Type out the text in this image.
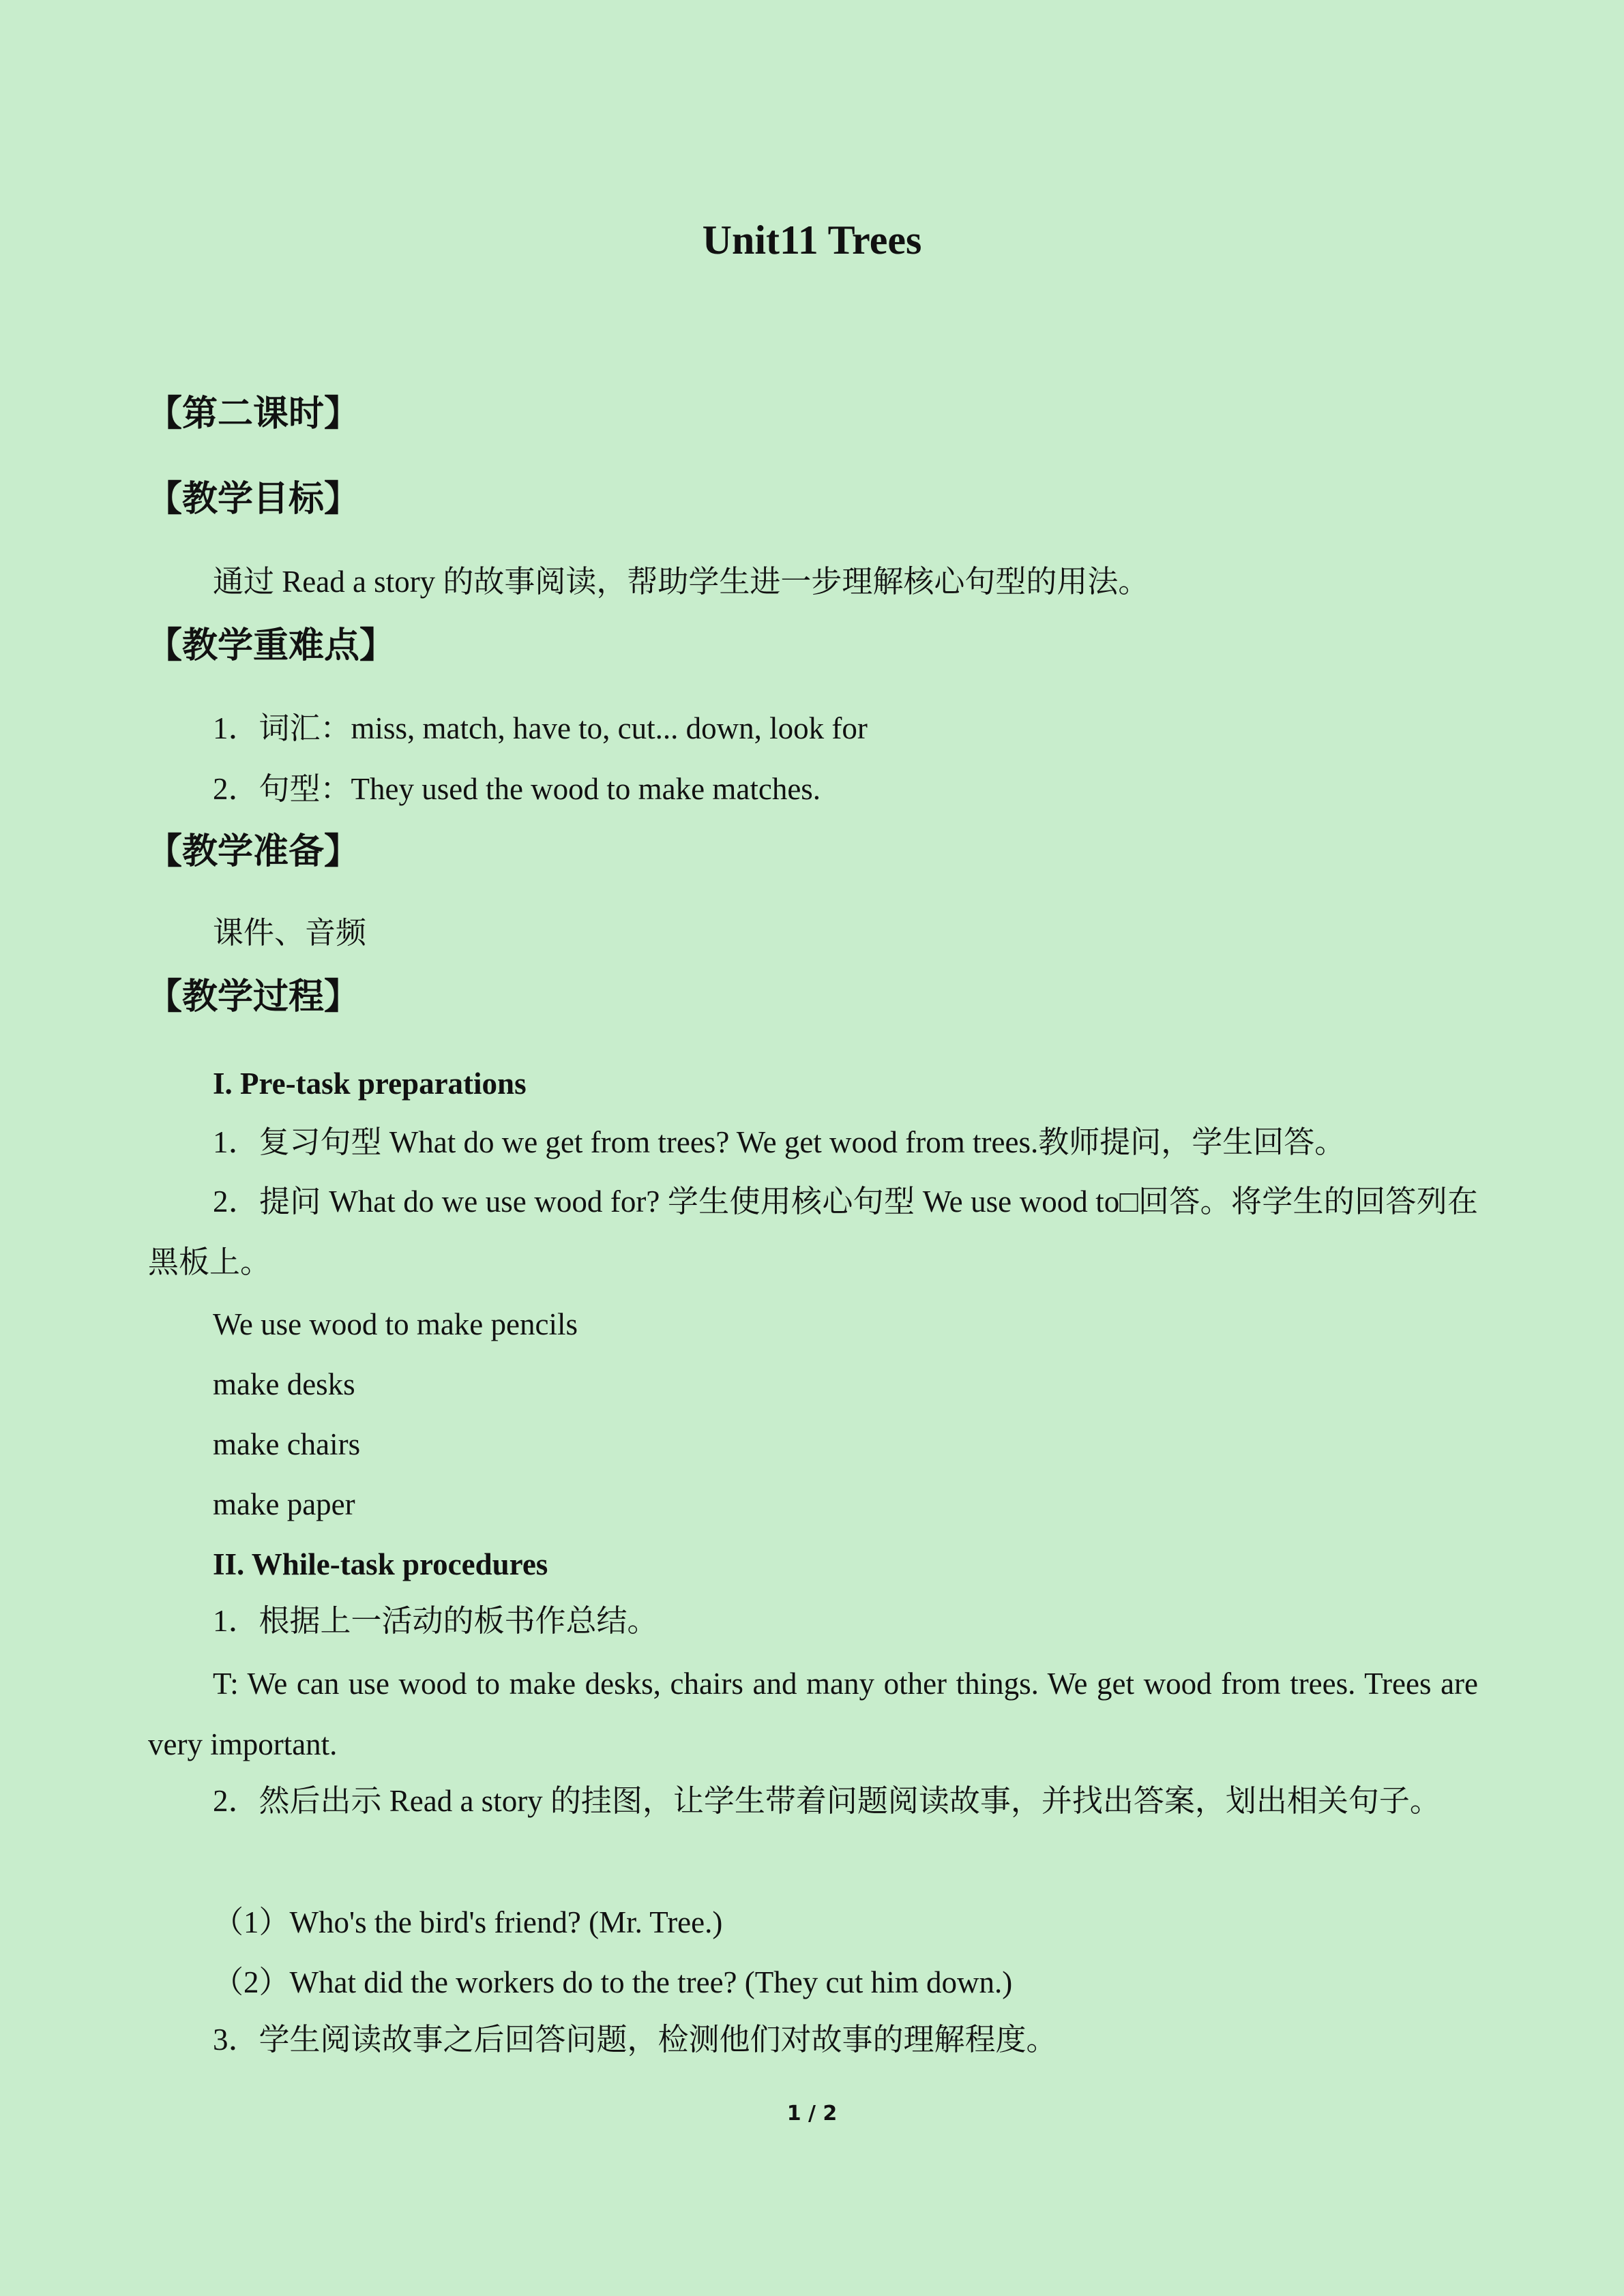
Unit11 Trees
【第二课时】
【教学目标】
通过 Read a story 的故事阅读，帮助学生进一步理解核心句型的用法。
【教学重难点】
1．词汇：miss, match, have to, cut... down, look for
2．句型：They used the wood to make matches.
【教学准备】
课件、音频
【教学过程】
I. Pre-task preparations
1．复习句型 What do we get from trees? We get wood from trees.教师提问，学生回答。
2．提问 What do we use wood for? 学生使用核心句型 We use wood to□回答。将学生的回答列在黑板上。
We use wood to make pencils
make desks
make chairs
make paper
II. While-task procedures
1．根据上一活动的板书作总结。
T: We can use wood to make desks, chairs and many other things. We get wood from trees. Trees are very important.
2．然后出示 Read a story 的挂图，让学生带着问题阅读故事，并找出答案，划出相关句子。
（1）Who's the bird's friend? (Mr. Tree.)
（2）What did the workers do to the tree? (They cut him down.)
3．学生阅读故事之后回答问题，检测他们对故事的理解程度。
1 / 2
